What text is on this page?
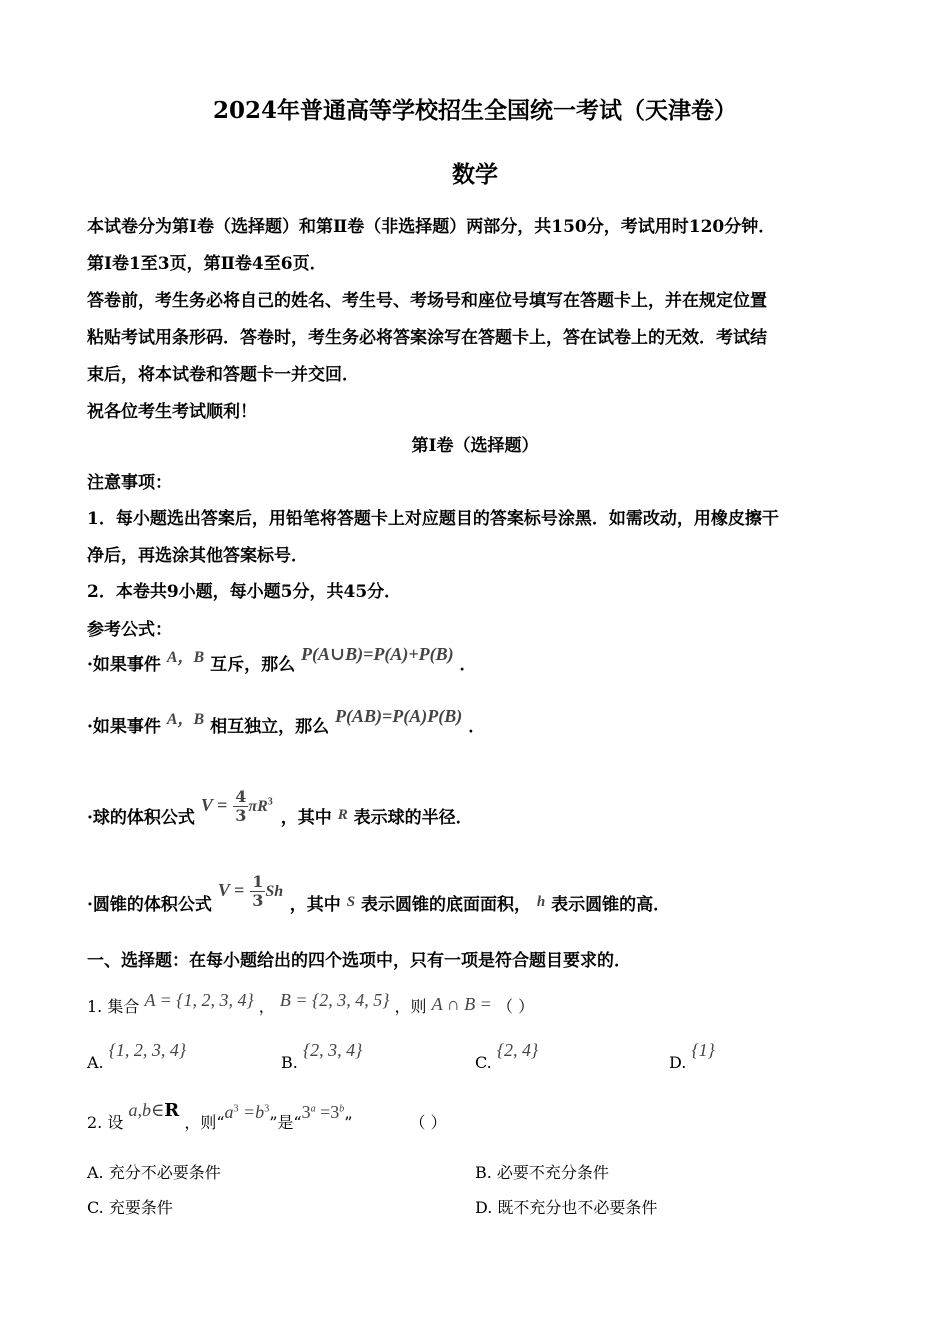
2024年普通高等学校招生全国统一考试（天津卷）
数学
本试卷分为第Ⅰ卷（选择题）和第Ⅱ卷（非选择题）两部分，共150分，考试用时120分钟．
第Ⅰ卷1至3页，第Ⅱ卷4至6页．
答卷前，考生务必将自己的姓名、考生号、考场号和座位号填写在答题卡上，并在规定位置
粘贴考试用条形码．答卷时，考生务必将答案涂写在答题卡上，答在试卷上的无效．考试结
束后，将本试卷和答题卡一并交回．
祝各位考生考试顺利！
第Ⅰ卷（选择题）
注意事项：
1．每小题选出答案后，用铅笔将答题卡上对应题目的答案标号涂黑．如需改动，用橡皮擦干
净后，再选涂其他答案标号．
2．本卷共9小题，每小题5分，共45分．
参考公式：
·如果事件 A，B 互斥，那么 P(A∪B)=P(A)+P(B) ．
·如果事件 A，B 相互独立，那么 P(AB)=P(A)P(B) ．
·球的体积公式 $V = \frac{4}{3} \pi R^3$ ，其中 R 表示球的半径．
·圆锥的体积公式 $V = \frac{1}{3}$ Sh ，其中 S 表示圆锥的底面面积， h 表示圆锥的高．
一、选择题：在每小题给出的四个选项中，只有一项是符合题目要求的．
1. 集合 A = {1, 2, 3, 4} ， B = {2, 3, 4, 5} ，则 A ∩ B = （ ）
A. {1, 2, 3, 4}
B. {2, 3, 4}
C. {2, 4}
D. {1}
2. 设 a,b∈R ，则“$a^3 =b^3$”是“$3^a =3^b$”	（ ）
A. 充分不必要条件	B. 必要不充分条件
C. 充要条件	D. 既不充分也不必要条件
